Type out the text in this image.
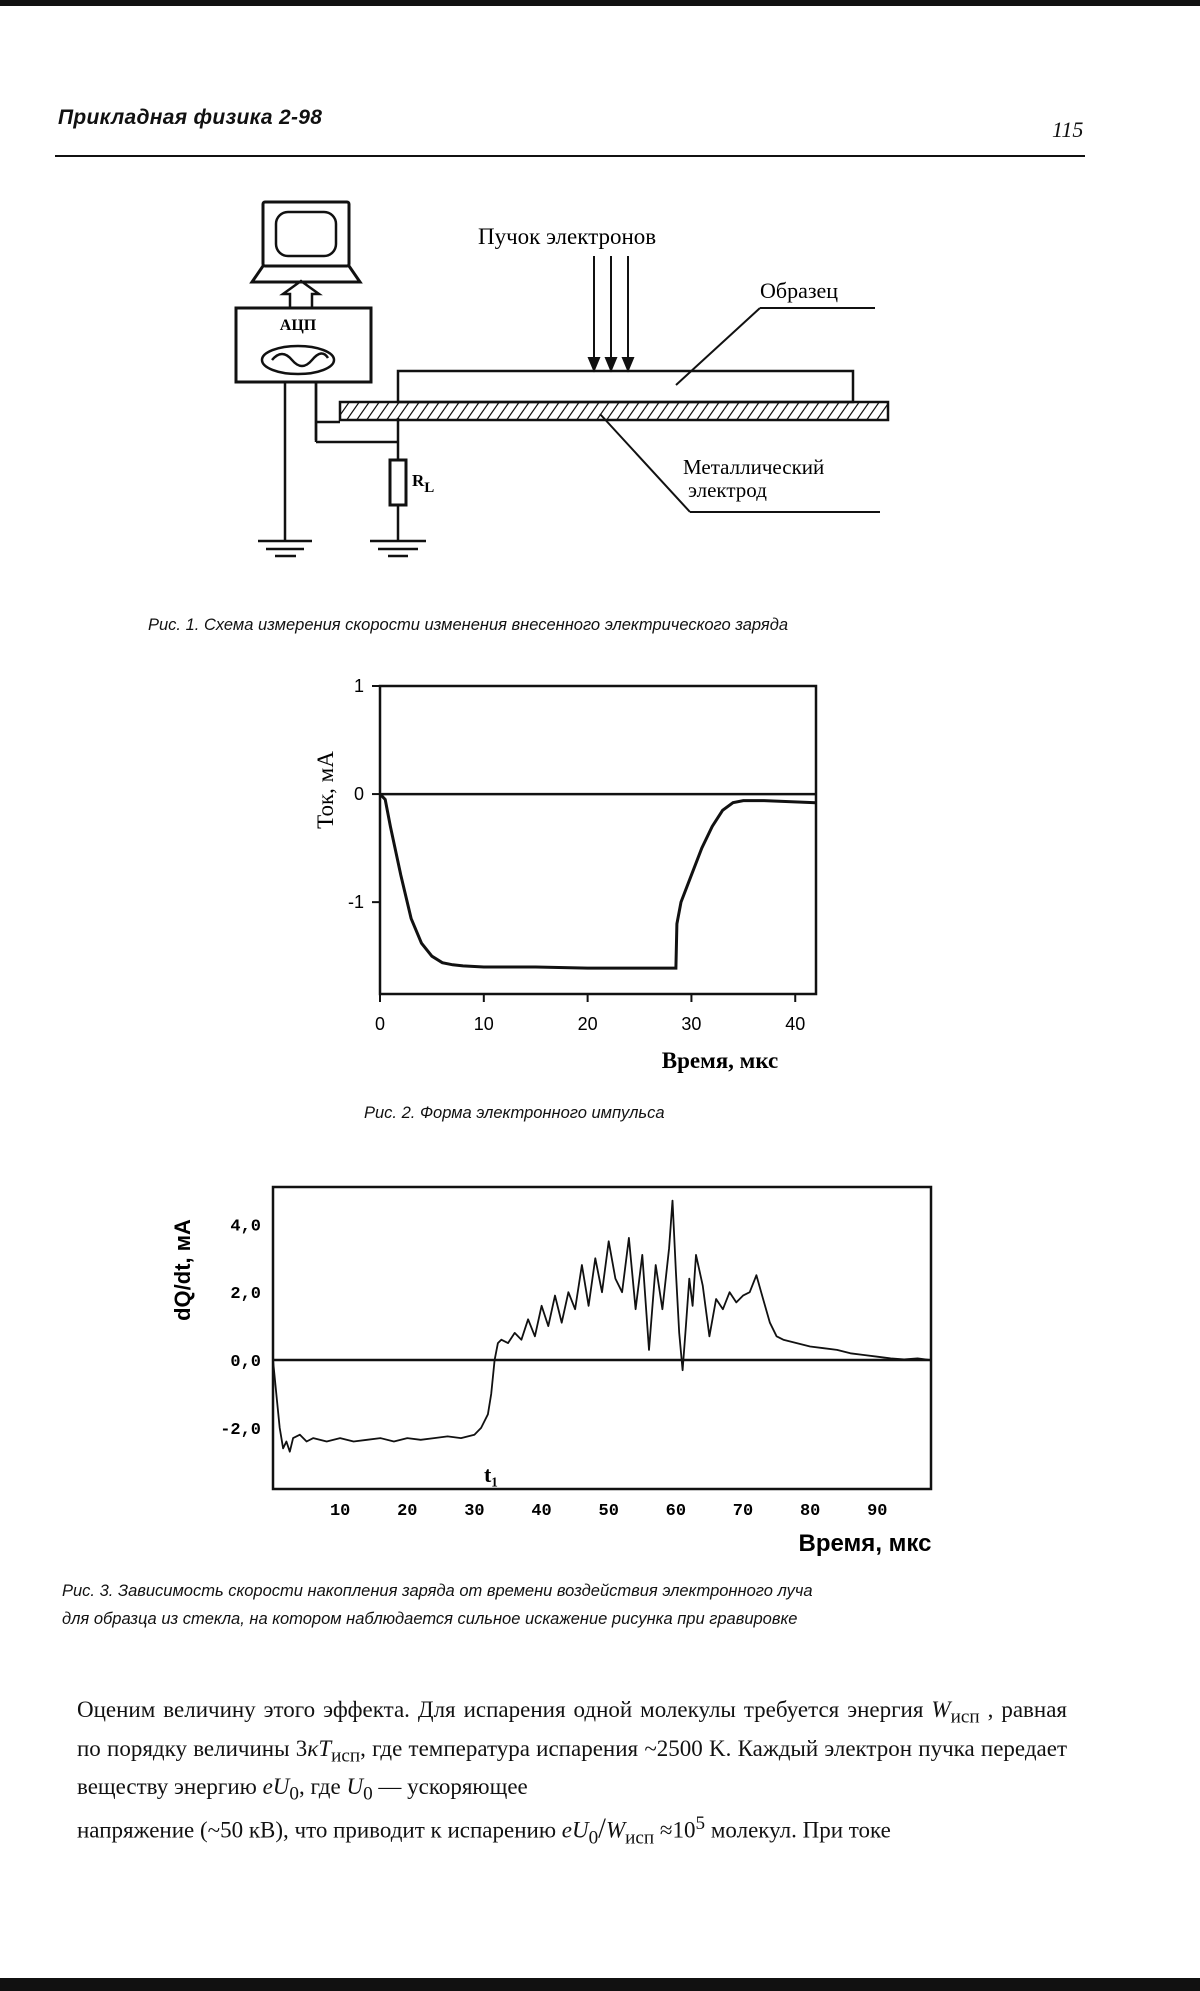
Прикладная физика 2-98	115
АЦП
RL
Пучок электронов
Образец
Металлический
электрод
Рис. 1. Схема измерения скорости изменения внесенного электрического заряда
0	10	20	30	40
1
0
-1
Ток, мА
Время, мкс
Рис. 2. Форма электронного импульса
10	20	30	40	50	60	70	80	90
4,0
2,0
0,0
-2,0
t₁
dQ/dt, мА
Время, мкс
Рис. 3. Зависимость скорости накопления заряда от времени воздействия электронного луча
для образца из стекла, на котором наблюдается сильное искажение рисунка при гравировке

Оценим величину этого эффекта. Для испарения одной молекулы требуется энергия $W_{исп}$ , равная по порядку величины $3\kappa T_{исп}$, где температура испарения ~2500 K. Каждый электрон пучка передает веществу энергию $eU_0$, где $U_0$ — ускоряющее

напряжение (~50 кВ), что приводит к испарению $eU_0/W_{исп} \approx 10^5$ молекул. При токе
